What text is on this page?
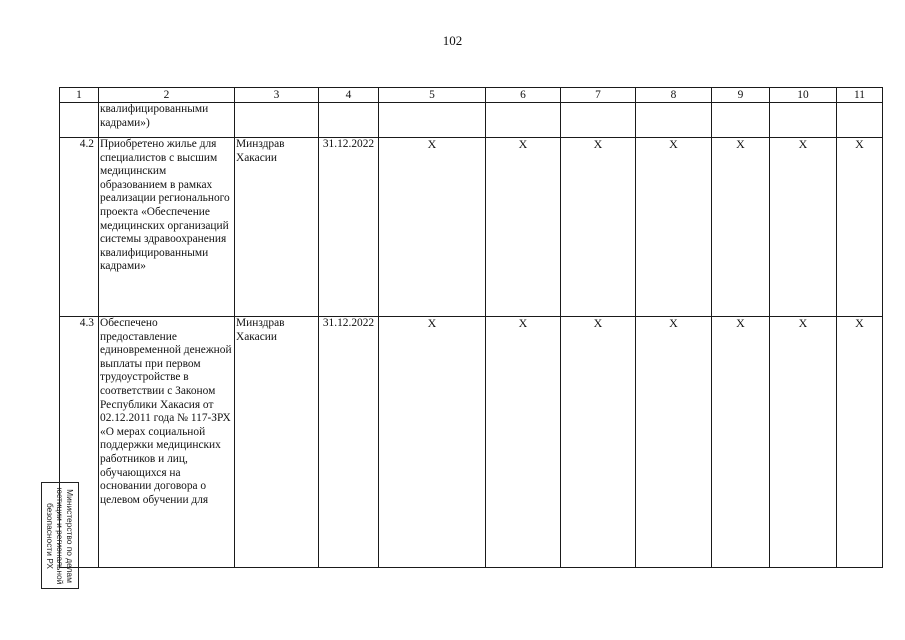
102
1	2	3	4	5	6	7	8	9	10	11
	квалифицированными кадрами»)									
4.2	Приобретено жилье для специалистов с высшим медицинским образованием в рамках реализации регионального проекта «Обеспечение медицинских организаций системы здравоохранения квалифицированными кадрами»	Минздрав Хакасии	31.12.2022	X	X	X	X	X	X	X
4.3	Обеспечено предоставление единовременной денежной выплаты при первом трудоустройстве в соответствии с Законом Республики Хакасия от 02.12.2011 года № 117-ЗРХ «О мерах социальной поддержки медицинских работников и лиц, обучающихся на основании договора о целевом обучении для	Минздрав Хакасии	31.12.2022	X	X	X	X	X	X	X
Министерство по делам
юстиции и региональной
безопасности РХ
